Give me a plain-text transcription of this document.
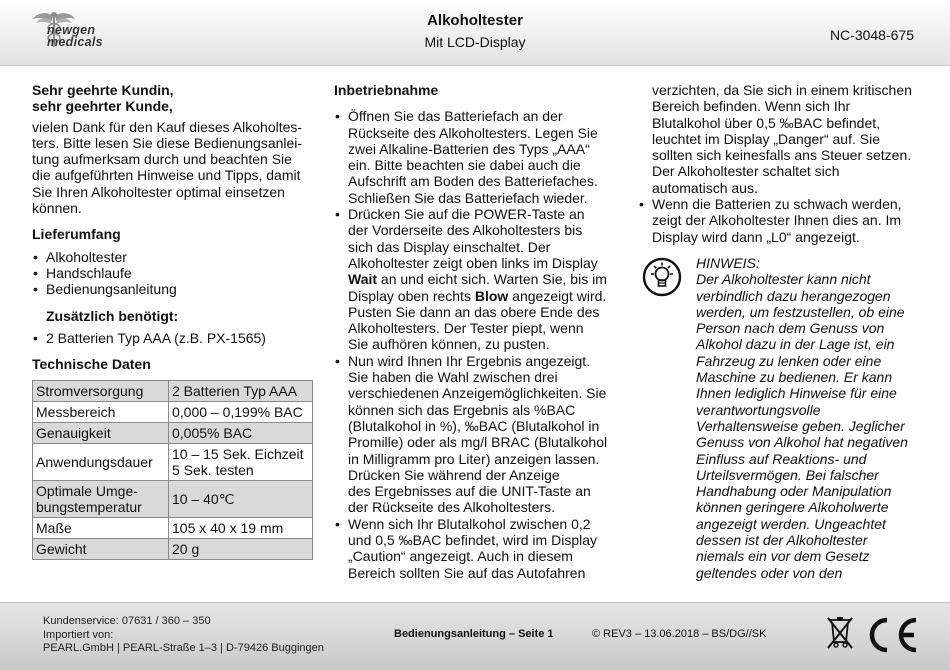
newgen
medicals
Alkoholtester
Mit LCD-Display	NC-3048-675
Sehr geehrte Kundin,
sehr geehrter Kunde,
vielen Dank für den Kauf dieses Alkoholtes-
ters. Bitte lesen Sie diese Bedienungsanlei-
tung aufmerksam durch und beachten Sie
die aufgeführten Hinweise und Tipps, damit
Sie Ihren Alkoholtester optimal einsetzen
können.
Lieferumfang
• Alkoholtester
• Handschlaufe
• Bedienungsanleitung
Zusätzlich benötigt:
• 2 Batterien Typ AAA (z.B. PX-1565)
Technische Daten
Stromversorgung	2 Batterien Typ AAA
Messbereich	0,000 – 0,199% BAC
Genauigkeit	0,005% BAC
Anwendungsdauer	10 – 15 Sek. Eichzeit
5 Sek. testen

Optimale Umge-
bungstemperatur	10 – 40℃
Maße	105 x 40 x 19 mm
Gewicht	20 g
Inbetriebnahme
• Öffnen Sie das Batteriefach an der
Rückseite des Alkoholtesters. Legen Sie
zwei Alkaline-Batterien des Typs „AAA“
ein. Bitte beachten sie dabei auch die
Aufschrift am Boden des Batteriefaches.
Schließen Sie das Batteriefach wieder.
• Drücken Sie auf die POWER-Taste an
der Vorderseite des Alkoholtesters bis
sich das Display einschaltet. Der
Alkoholtester zeigt oben links im Display
Wait an und eicht sich. Warten Sie, bis im
Display oben rechts Blow angezeigt wird.
Pusten Sie dann an das obere Ende des
Alkoholtesters. Der Tester piept, wenn
Sie aufhören können, zu pusten.
• Nun wird Ihnen Ihr Ergebnis angezeigt.
Sie haben die Wahl zwischen drei
verschiedenen Anzeigemöglichkeiten. Sie
können sich das Ergebnis als %BAC
(Blutalkohol in %), ‰BAC (Blutalkohol in
Promille) oder als mg/l BRAC (Blutalkohol
in Milligramm pro Liter) anzeigen lassen.
Drücken Sie während der Anzeige
des Ergebnisses auf die UNIT-Taste an
der Rückseite des Alkoholtesters.
• Wenn sich Ihr Blutalkohol zwischen 0,2
und 0,5 ‰BAC befindet, wird im Display
„Caution“ angezeigt. Auch in diesem
Bereich sollten Sie auf das Autofahren
verzichten, da Sie sich in einem kritischen
Bereich befinden. Wenn sich Ihr
Blutalkohol über 0,5 ‰BAC befindet,
leuchtet im Display „Danger“ auf. Sie
sollten sich keinesfalls ans Steuer setzen.
Der Alkoholtester schaltet sich
automatisch aus.
• Wenn die Batterien zu schwach werden,
zeigt der Alkoholtester Ihnen dies an. Im
Display wird dann „L0“ angezeigt.
HINWEIS:
Der Alkoholtester kann nicht
verbindlich dazu herangezogen
werden, um festzustellen, ob eine
Person nach dem Genuss von
Alkohol dazu in der Lage ist, ein
Fahrzeug zu lenken oder eine
Maschine zu bedienen. Er kann
Ihnen lediglich Hinweise für eine
verantwortungsvolle
Verhaltensweise geben. Jeglicher
Genuss von Alkohol hat negativen
Einfluss auf Reaktions- und
Urteilsvermögen. Bei falscher
Handhabung oder Manipulation
können geringere Alkoholwerte
angezeigt werden. Ungeachtet
dessen ist der Alkoholtester
niemals ein vor dem Gesetz
geltendes oder von den
Kundenservice: 07631 / 360 – 350
Importiert von:
PEARL.GmbH | PEARL-Straße 1–3 | D-79426 Buggingen
Bedienungsanleitung – Seite 1	© REV3 – 13.06.2018 – BS/DG//SK
